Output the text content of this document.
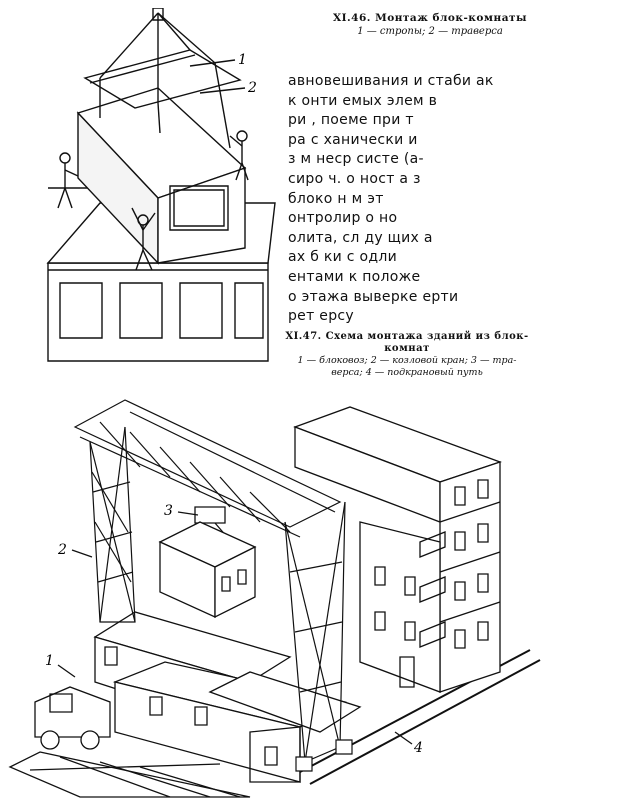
1
2
XI.46. Монтаж блок-комнаты
1 — стропы; 2 — траверса
авновешивания и стаби ак
к онти емых элем в
ри , поеме при т
ра с ханически и
з м неср систе (а-
сиро ч. о ност а з
блоко н м эт
онтролир о но
олита, сл ду щих а
ах б ки с одли
ентами к положе
о этажа выверке ерти
рет ерсу
XI.47. Схема монтажа зданий из блок-комнат
1 — блоковоз; 2 — козловой кран; 3 — тра-
верса; 4 — подкрановый путь
2
1
3
4
